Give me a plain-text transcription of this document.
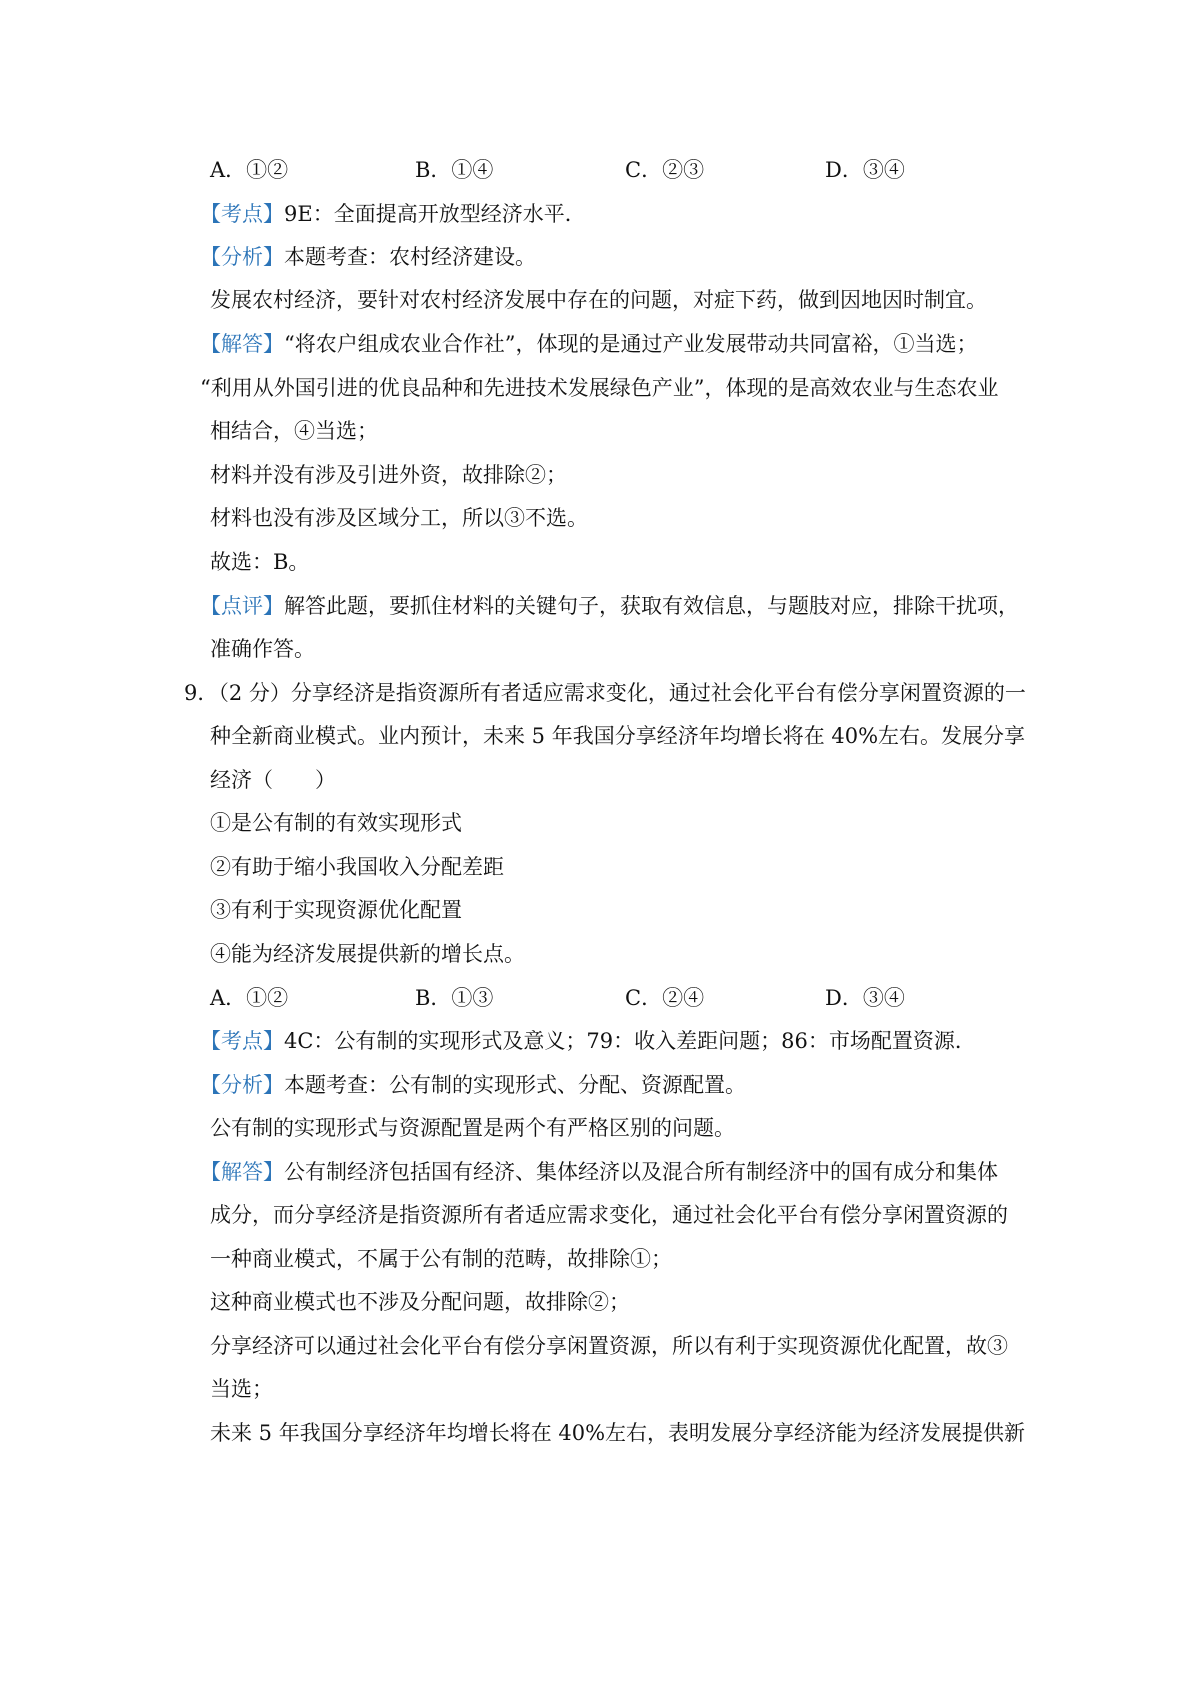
A．①②	B．①④	C．②③	D．③④
【考点】9E：全面提高开放型经济水平．
【分析】本题考查：农村经济建设。
发展农村经济，要针对农村经济发展中存在的问题，对症下药，做到因地因时制宜。
【解答】“将农户组成农业合作社”，体现的是通过产业发展带动共同富裕，①当选；
“利用从外国引进的优良品种和先进技术发展绿色产业”，体现的是高效农业与生态农业
相结合，④当选；
材料并没有涉及引进外资，故排除②；
材料也没有涉及区域分工，所以③不选。
故选：B。
【点评】解答此题，要抓住材料的关键句子，获取有效信息，与题肢对应，排除干扰项，
准确作答。
9．（2 分）分享经济是指资源所有者适应需求变化，通过社会化平台有偿分享闲置资源的一
种全新商业模式。业内预计，未来 5 年我国分享经济年均增长将在 40%左右。发展分享
经济（　　）
①是公有制的有效实现形式
②有助于缩小我国收入分配差距
③有利于实现资源优化配置
④能为经济发展提供新的增长点。
A．①②	B．①③	C．②④	D．③④
【考点】4C：公有制的实现形式及意义；79：收入差距问题；86：市场配置资源．
【分析】本题考查：公有制的实现形式、分配、资源配置。
公有制的实现形式与资源配置是两个有严格区别的问题。
【解答】公有制经济包括国有经济、集体经济以及混合所有制经济中的国有成分和集体
成分，而分享经济是指资源所有者适应需求变化，通过社会化平台有偿分享闲置资源的
一种商业模式，不属于公有制的范畴，故排除①；
这种商业模式也不涉及分配问题，故排除②；
分享经济可以通过社会化平台有偿分享闲置资源，所以有利于实现资源优化配置，故③
当选；
未来 5 年我国分享经济年均增长将在 40%左右，表明发展分享经济能为经济发展提供新
